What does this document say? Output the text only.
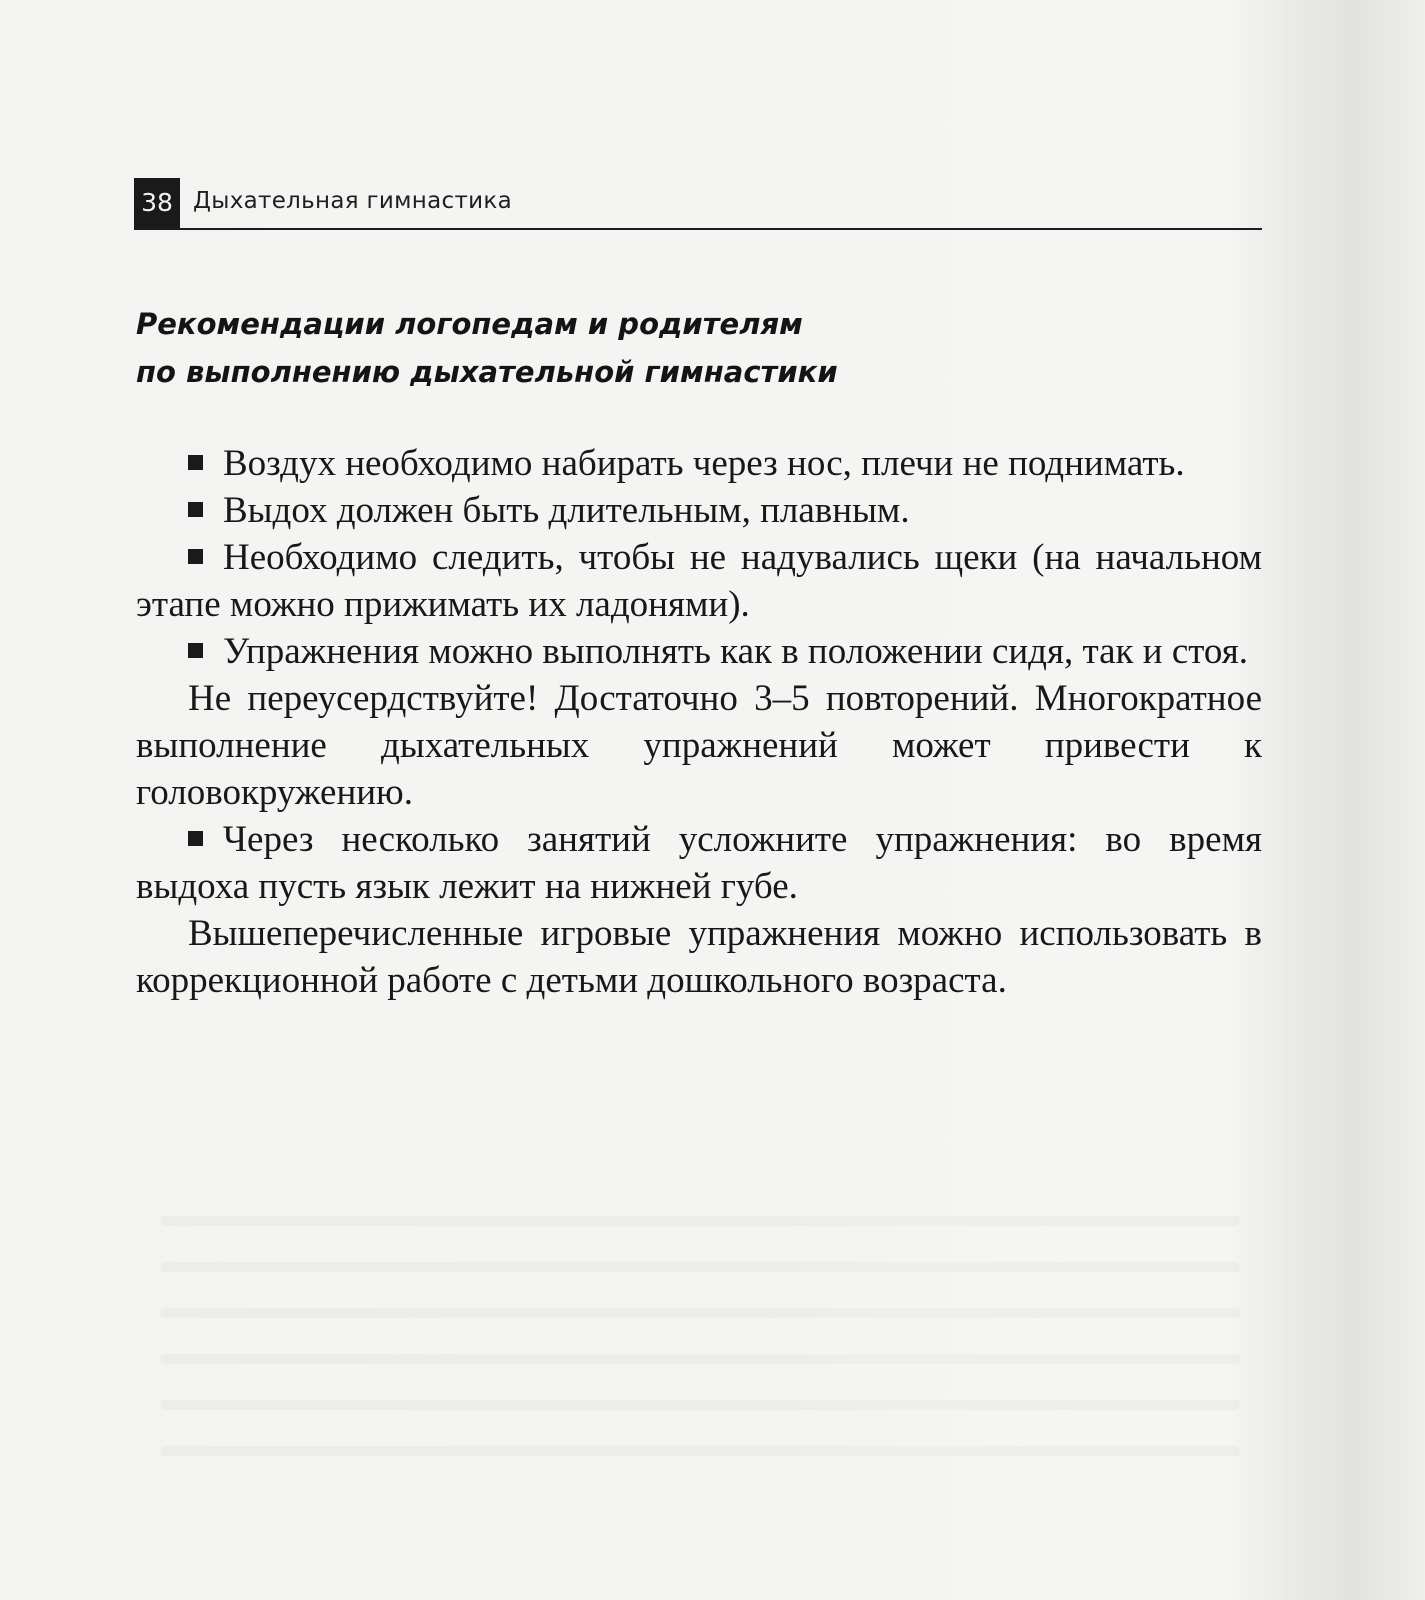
38 Дыхательная гимнастика
Рекомендации логопедам и родителям
по выполнению дыхательной гимнастики

Воздух необходимо набирать через нос, плечи не поднимать.

Выдох должен быть длительным, плавным.

Необходимо следить, чтобы не надувались щеки (на начальном этапе можно прижимать их ладонями).

Упражнения можно выполнять как в положении сидя, так и стоя.

Не переусердствуйте! Достаточно 3–5 повторений. Многократное выполнение дыхательных упражнений может привести к головокружению.

Через несколько занятий усложните упражнения: во время выдоха пусть язык лежит на нижней губе.

Вышеперечисленные игровые упражнения можно использовать в коррекционной работе с детьми дошкольного возраста.
